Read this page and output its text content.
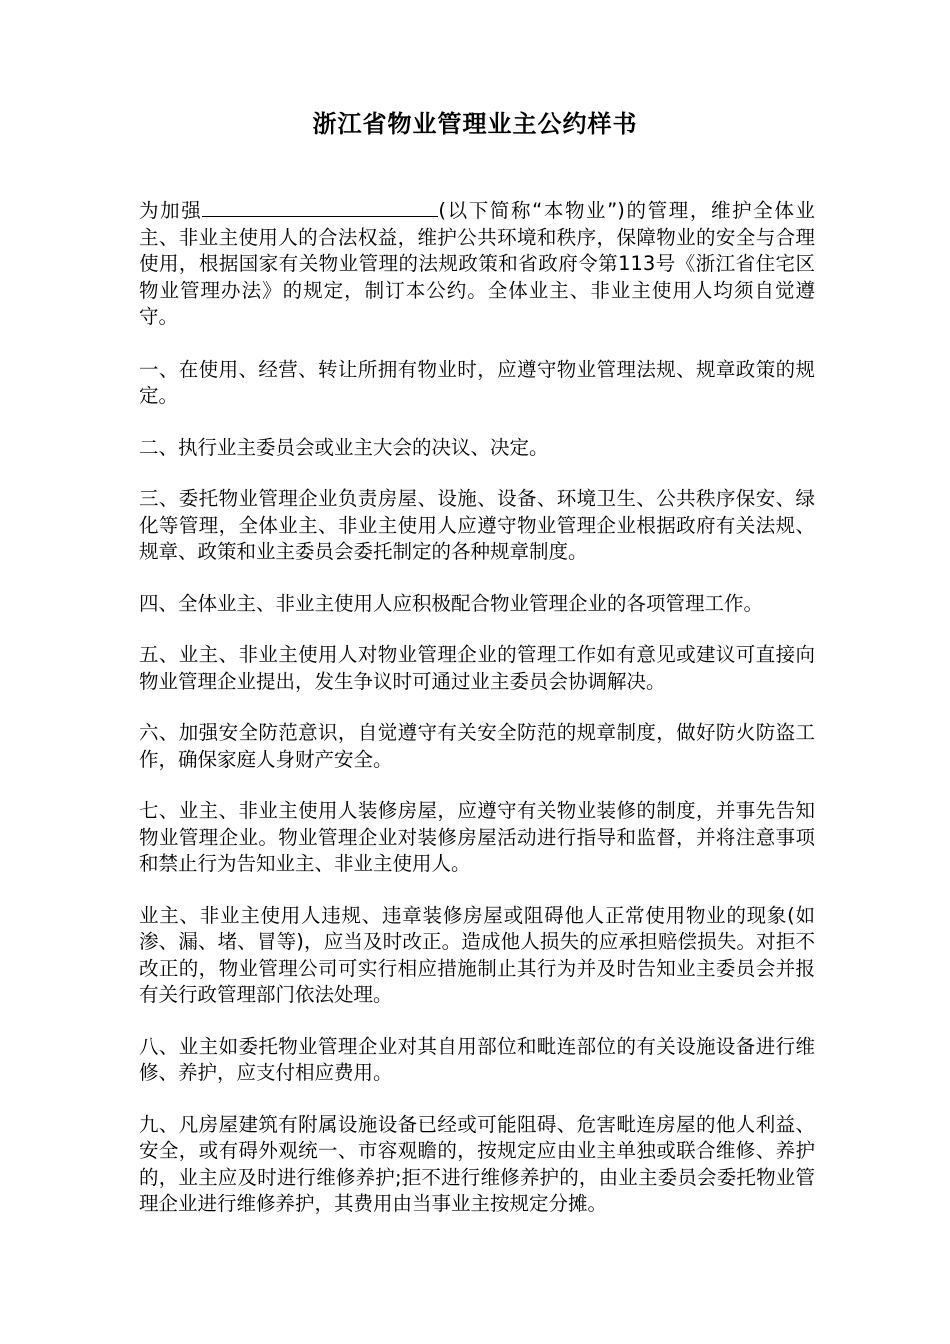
浙江省物业管理业主公约样书

为加强	(以下简称“本物业”)的管理，维护全体业主、非业主使用人的合法权益，维护公共环境和秩序，保障物业的安全与合理使用，根据国家有关物业管理的法规政策和省政府令第113号《浙江省住宅区物业管理办法》的规定，制订本公约。全体业主、非业主使用人均须自觉遵守。

一、在使用、经营、转让所拥有物业时，应遵守物业管理法规、规章政策的规定。

二、执行业主委员会或业主大会的决议、决定。

三、委托物业管理企业负责房屋、设施、设备、环境卫生、公共秩序保安、绿化等管理，全体业主、非业主使用人应遵守物业管理企业根据政府有关法规、规章、政策和业主委员会委托制定的各种规章制度。

四、全体业主、非业主使用人应积极配合物业管理企业的各项管理工作。

五、业主、非业主使用人对物业管理企业的管理工作如有意见或建议可直接向物业管理企业提出，发生争议时可通过业主委员会协调解决。

六、加强安全防范意识，自觉遵守有关安全防范的规章制度，做好防火防盗工作，确保家庭人身财产安全。

七、业主、非业主使用人装修房屋，应遵守有关物业装修的制度，并事先告知物业管理企业。物业管理企业对装修房屋活动进行指导和监督，并将注意事项和禁止行为告知业主、非业主使用人。

业主、非业主使用人违规、违章装修房屋或阻碍他人正常使用物业的现象(如渗、漏、堵、冒等)，应当及时改正。造成他人损失的应承担赔偿损失。对拒不改正的，物业管理公司可实行相应措施制止其行为并及时告知业主委员会并报有关行政管理部门依法处理。

八、业主如委托物业管理企业对其自用部位和毗连部位的有关设施设备进行维修、养护，应支付相应费用。

九、凡房屋建筑有附属设施设备已经或可能阻碍、危害毗连房屋的他人利益、安全，或有碍外观统一、市容观瞻的，按规定应由业主单独或联合维修、养护的，业主应及时进行维修养护;拒不进行维修养护的，由业主委员会委托物业管理企业进行维修养护，其费用由当事业主按规定分摊。
